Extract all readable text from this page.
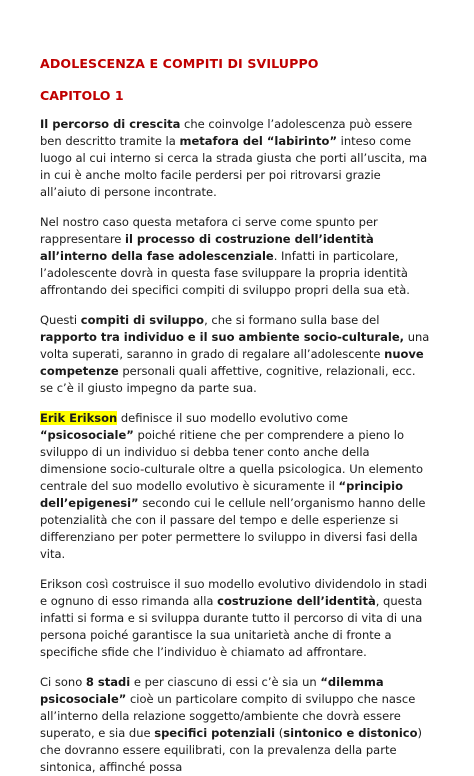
ADOLESCENZA E COMPITI DI SVILUPPO
CAPITOLO 1

Il percorso di crescita che coinvolge l’adolescenza può essere ben descritto tramite la metafora del “labirinto” inteso come luogo al cui interno si cerca la strada giusta che porti all’uscita, ma in cui è anche molto facile perdersi per poi ritrovarsi grazie all’aiuto di persone incontrate.

Nel nostro caso questa metafora ci serve come spunto per rappresentare il processo di costruzione dell’identità all’interno della fase adolescenziale. Infatti in particolare, l’adolescente dovrà in questa fase sviluppare la propria identità affrontando dei specifici compiti di sviluppo propri della sua età.

Questi compiti di sviluppo, che si formano sulla base del rapporto tra individuo e il suo ambiente socio-culturale, una volta superati, saranno in grado di regalare all’adolescente nuove competenze personali quali affettive, cognitive, relazionali, ecc. se c’è il giusto impegno da parte sua.

Erik Erikson definisce il suo modello evolutivo come “psicosociale” poiché ritiene che per comprendere a pieno lo sviluppo di un individuo si debba tener conto anche della dimensione socio-culturale oltre a quella psicologica. Un elemento centrale del suo modello evolutivo è sicuramente il “principio dell’epigenesi” secondo cui le cellule nell’organismo hanno delle potenzialità che con il passare del tempo e delle esperienze si differenziano per poter permettere lo sviluppo in diversi fasi della vita.

Erikson così costruisce il suo modello evolutivo dividendolo in stadi e ognuno di esso rimanda alla costruzione dell’identità, questa infatti si forma e si sviluppa durante tutto il percorso di vita di una persona poiché garantisce la sua unitarietà anche di fronte a specifiche sfide che l’individuo è chiamato ad affrontare.

Ci sono 8 stadi e per ciascuno di essi c’è sia un “dilemma psicosociale” cioè un particolare compito di sviluppo che nasce all’interno della relazione soggetto/ambiente che dovrà essere superato, e sia due specifici potenziali (sintonico e distonico) che dovranno essere equilibrati, con la prevalenza della parte sintonica, affinché possa
